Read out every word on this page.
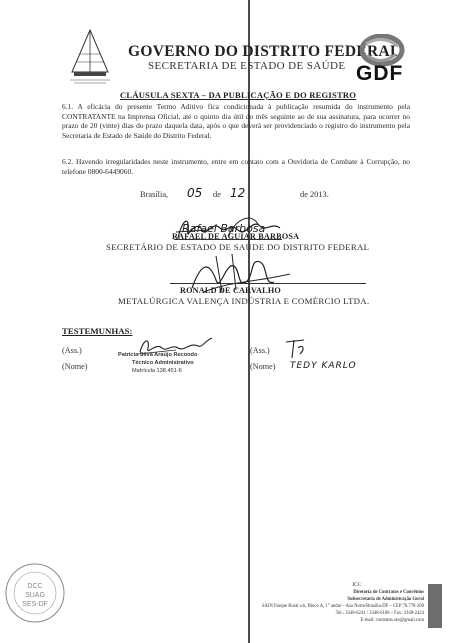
GOVERNO DO DISTRITO FEDERAL
SECRETARIA DE ESTADO DE SAÚDE GDF
CLÁUSULA SEXTA – DA PUBLICAÇÃO E DO REGISTRO
6.1. A eficácia do presente Termo Aditivo fica condicionada à publicação resumida do instrumento pela CONTRATANTE na Imprensa Oficial, até o quinto dia útil do mês seguinte ao de sua assinatura, para ocorrer no prazo de 20 (vinte) dias do prazo daquela data, após o que deverá ser providenciado o registro do instrumento pela Secretaria de Estado de Saúde do Distrito Federal.
6.2. Havendo irregularidades neste instrumento, entre em contato com a Ouvidoria de Combate à Corrupção, no telefone 0800-6449060.
Brasília, 05 de 12	de 2013.
Rafael Barbosa
RAFAEL DE AGUIAR BARBOSA
SECRETÁRIO DE ESTADO DE SAÚDE DO DISTRITO FEDERAL
RONALD DE CARVALHO
METALÚRGICA VALENÇA INDÚSTRIA E COMÉRCIO LTDA.
TESTEMUNHAS:
(Ass.)
(Nome)
Patrícia Silva Araújo Recondo
Técnico Administrativo
Matrícula 138.451-6
(Ass.)
(Nome) TEDY KARLO
DCC
SUAG
SES-DF
JCC
Diretoria de Contratos e Convênios
Subsecretaria de Administração Geral
SAIN Parque Rural s/n, Bloco A, 1° andar – Asa Norte/Brasília-DF – CEP 70.770-200
Tel.: 3348-6241 / 3348-6166 – Fax: 3348-2424
E-mail: contratos.ses@gmail.com
